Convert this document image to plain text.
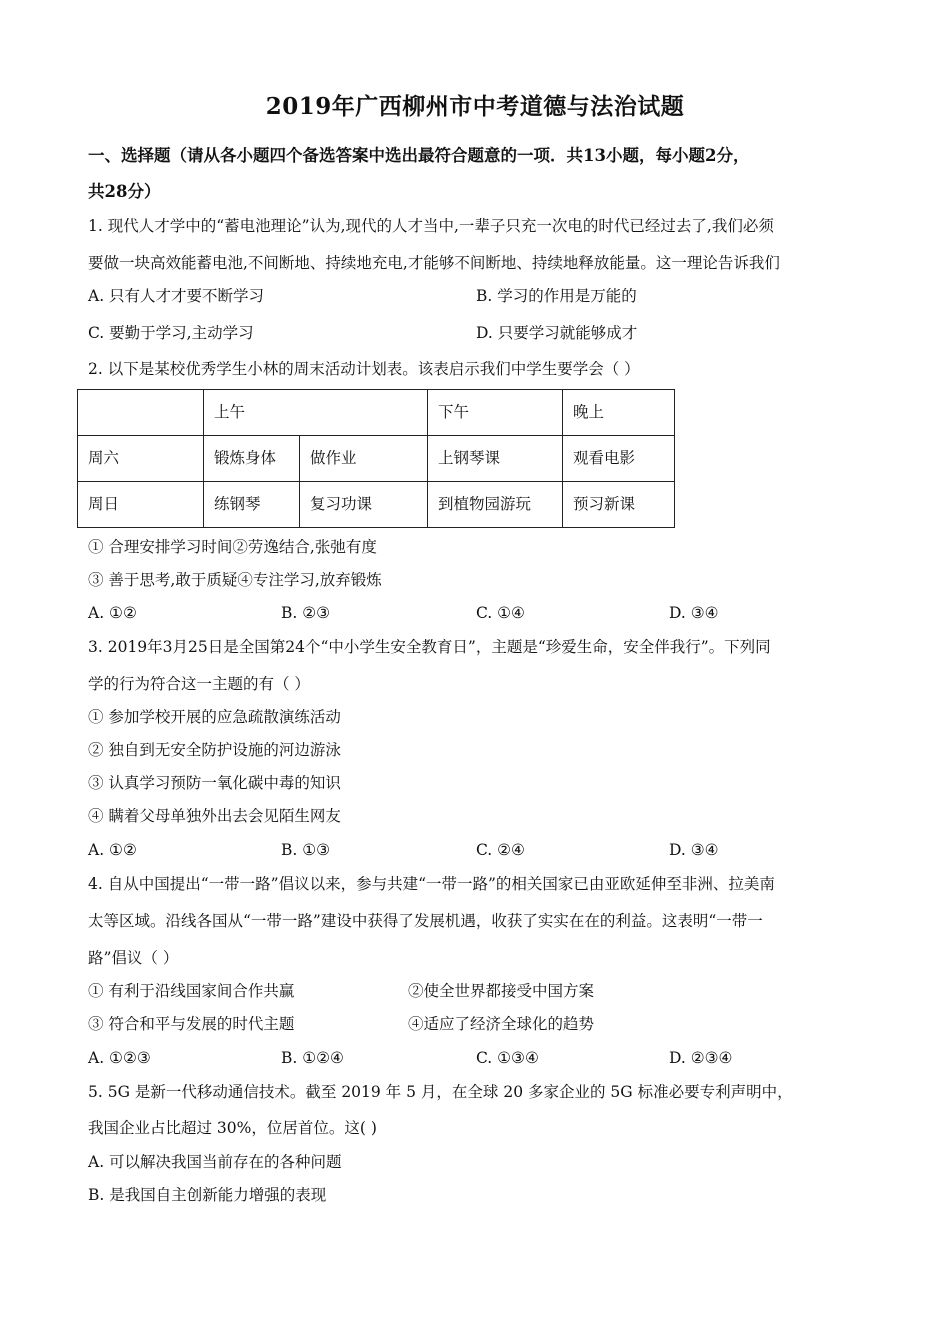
2019年广西柳州市中考道德与法治试题
一、选择题（请从各小题四个备选答案中选出最符合题意的一项．共13小题，每小题2分，
共28分）
1. 现代人才学中的“蓄电池理论”认为,现代的人才当中,一辈子只充一次电的时代已经过去了,我们必须
要做一块高效能蓄电池,不间断地、持续地充电,才能够不间断地、持续地释放能量。这一理论告诉我们
A. 只有人才才要不断学习	B. 学习的作用是万能的
C. 要勤于学习,主动学习	D. 只要学习就能够成才
2. 以下是某校优秀学生小林的周末活动计划表。该表启示我们中学生要学会（ ）
	上午		下午	晚上
周六	锻炼身体	做作业	上钢琴课	观看电影
周日	练钢琴	复习功课	到植物园游玩	预习新课
① 合理安排学习时间②劳逸结合,张弛有度
③ 善于思考,敢于质疑④专注学习,放弃锻炼
A. ①②	B. ②③	C. ①④	D. ③④
3. 2019年3月25日是全国第24个“中小学生安全教育日”，主题是“珍爱生命，安全伴我行”。下列同
学的行为符合这一主题的有（ ）
① 参加学校开展的应急疏散演练活动
② 独自到无安全防护设施的河边游泳
③ 认真学习预防一氧化碳中毒的知识
④ 瞒着父母单独外出去会见陌生网友
A. ①②	B. ①③	C. ②④	D. ③④
4. 自从中国提出“一带一路”倡议以来，参与共建“一带一路”的相关国家已由亚欧延伸至非洲、拉美南
太等区域。沿线各国从“一带一路”建设中获得了发展机遇，收获了实实在在的利益。这表明“一带一
路”倡议（ ）
① 有利于沿线国家间合作共赢	②使全世界都接受中国方案
③ 符合和平与发展的时代主题	④适应了经济全球化的趋势
A. ①②③	B. ①②④	C. ①③④	D. ②③④
5. 5G 是新一代移动通信技术。截至 2019 年 5 月，在全球 20 多家企业的 5G 标准必要专利声明中，
我国企业占比超过 30%，位居首位。这( )
A. 可以解决我国当前存在的各种问题
B. 是我国自主创新能力增强的表现
